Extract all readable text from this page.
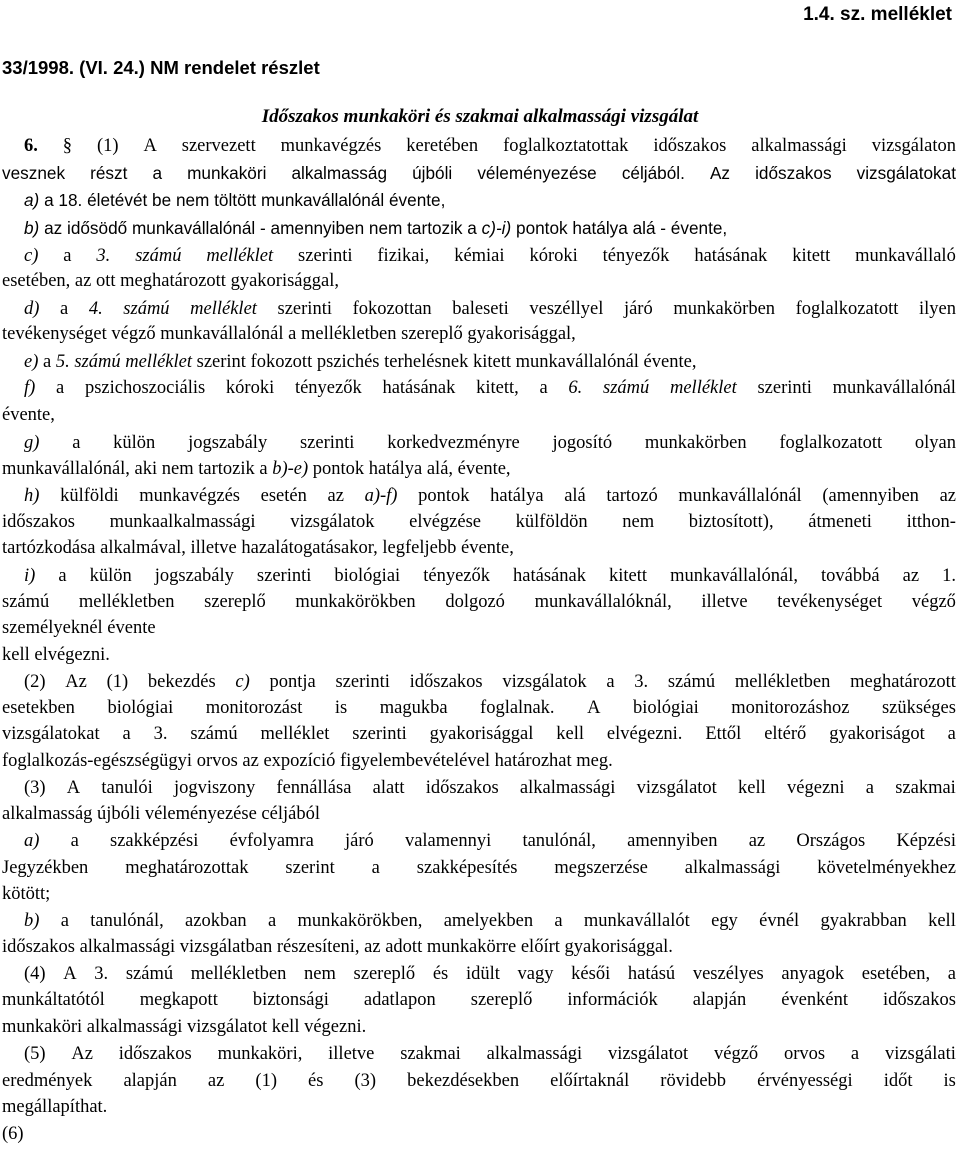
1.4. sz. melléklet
33/1998. (VI. 24.) NM rendelet részlet
Időszakos munkaköri és szakmai alkalmassági vizsgálat
6. § (1) A szervezett munkavégzés keretében foglalkoztatottak időszakos alkalmassági vizsgálaton
vesznek részt a munkaköri alkalmasság újbóli véleményezése céljából. Az időszakos vizsgálatokat
a) a 18. életévét be nem töltött munkavállalónál évente,
b) az idősödő munkavállalónál - amennyiben nem tartozik a c)-i) pontok hatálya alá - évente,
c) a 3. számú melléklet szerinti fizikai, kémiai kóroki tényezők hatásának kitett munkavállaló
esetében, az ott meghatározott gyakorisággal,
d) a 4. számú melléklet szerinti fokozottan baleseti veszéllyel járó munkakörben foglalkozatott ilyen
tevékenységet végző munkavállalónál a mellékletben szereplő gyakorisággal,
e) a 5. számú melléklet szerint fokozott pszichés terhelésnek kitett munkavállalónál évente,
f) a pszichoszociális kóroki tényezők hatásának kitett, a 6. számú melléklet szerinti munkavállalónál
évente,
g) a külön jogszabály szerinti korkedvezményre jogosító munkakörben foglalkozatott olyan
munkavállalónál, aki nem tartozik a b)-e) pontok hatálya alá, évente,
h) külföldi munkavégzés esetén az a)-f) pontok hatálya alá tartozó munkavállalónál (amennyiben az
időszakos munkaalkalmassági vizsgálatok elvégzése külföldön nem biztosított), átmeneti itthon-
tartózkodása alkalmával, illetve hazalátogatásakor, legfeljebb évente,
i) a külön jogszabály szerinti biológiai tényezők hatásának kitett munkavállalónál, továbbá az 1.
számú mellékletben szereplő munkakörökben dolgozó munkavállalóknál, illetve tevékenységet végző
személyeknél évente
kell elvégezni.
(2) Az (1) bekezdés c) pontja szerinti időszakos vizsgálatok a 3. számú mellékletben meghatározott
esetekben biológiai monitorozást is magukba foglalnak. A biológiai monitorozáshoz szükséges
vizsgálatokat a 3. számú melléklet szerinti gyakorisággal kell elvégezni. Ettől eltérő gyakoriságot a
foglalkozás-egészségügyi orvos az expozíció figyelembevételével határozhat meg.
(3) A tanulói jogviszony fennállása alatt időszakos alkalmassági vizsgálatot kell végezni a szakmai
alkalmasság újbóli véleményezése céljából
a) a szakképzési évfolyamra járó valamennyi tanulónál, amennyiben az Országos Képzési
Jegyzékben meghatározottak szerint a szakképesítés megszerzése alkalmassági követelményekhez
kötött;
b) a tanulónál, azokban a munkakörökben, amelyekben a munkavállalót egy évnél gyakrabban kell
időszakos alkalmassági vizsgálatban részesíteni, az adott munkakörre előírt gyakorisággal.
(4) A 3. számú mellékletben nem szereplő és idült vagy késői hatású veszélyes anyagok esetében, a
munkáltatótól megkapott biztonsági adatlapon szereplő információk alapján évenként időszakos
munkaköri alkalmassági vizsgálatot kell végezni.
(5) Az időszakos munkaköri, illetve szakmai alkalmassági vizsgálatot végző orvos a vizsgálati
eredmények alapján az (1) és (3) bekezdésekben előírtaknál rövidebb érvényességi időt is
megállapíthat.
(6)
